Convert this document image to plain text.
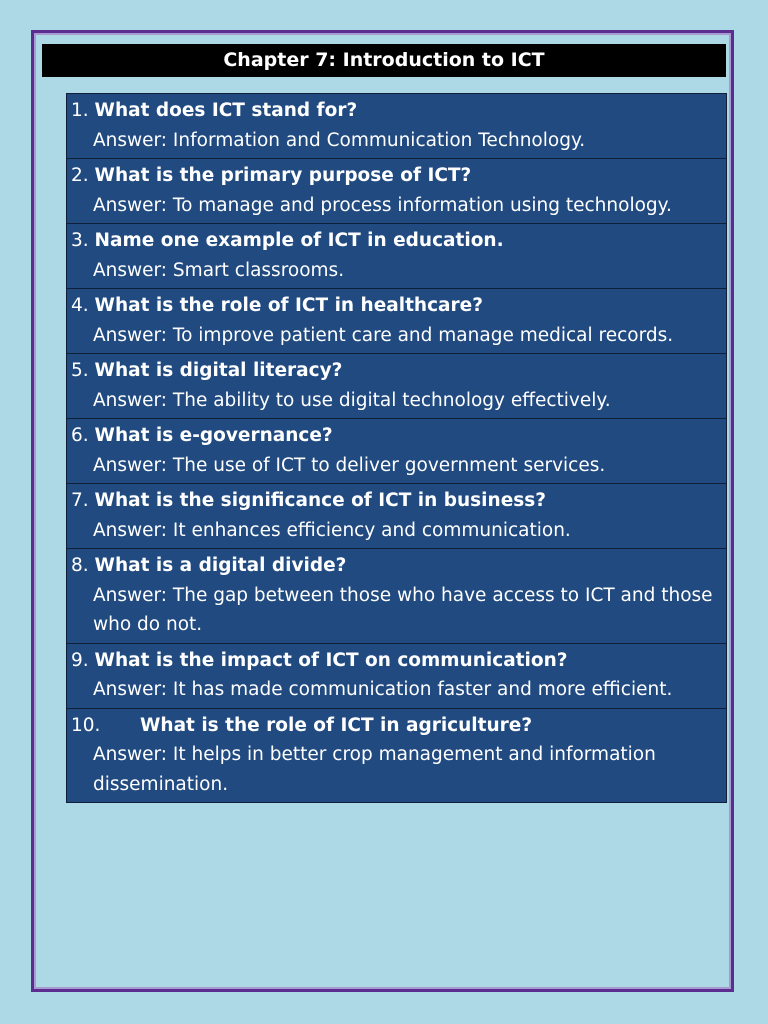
Chapter 7: Introduction to ICT
1.
What does ICT stand for?
Answer: Information and Communication Technology.
2.
What is the primary purpose of ICT?
Answer: To manage and process information using technology.
3.
Name one example of ICT in education.
Answer: Smart classrooms.
4.
What is the role of ICT in healthcare?
Answer: To improve patient care and manage medical records.
5.
What is digital literacy?
Answer: The ability to use digital technology effectively.
6.
What is e-governance?
Answer: The use of ICT to deliver government services.
7.
What is the significance of ICT in business?
Answer: It enhances efficiency and communication.
8.
What is a digital divide?
Answer: The gap between those who have access to ICT and those who do not.
9.
What is the impact of ICT on communication?
Answer: It has made communication faster and more efficient.
10.	What is the role of ICT in agriculture?
Answer: It helps in better crop management and information dissemination.
